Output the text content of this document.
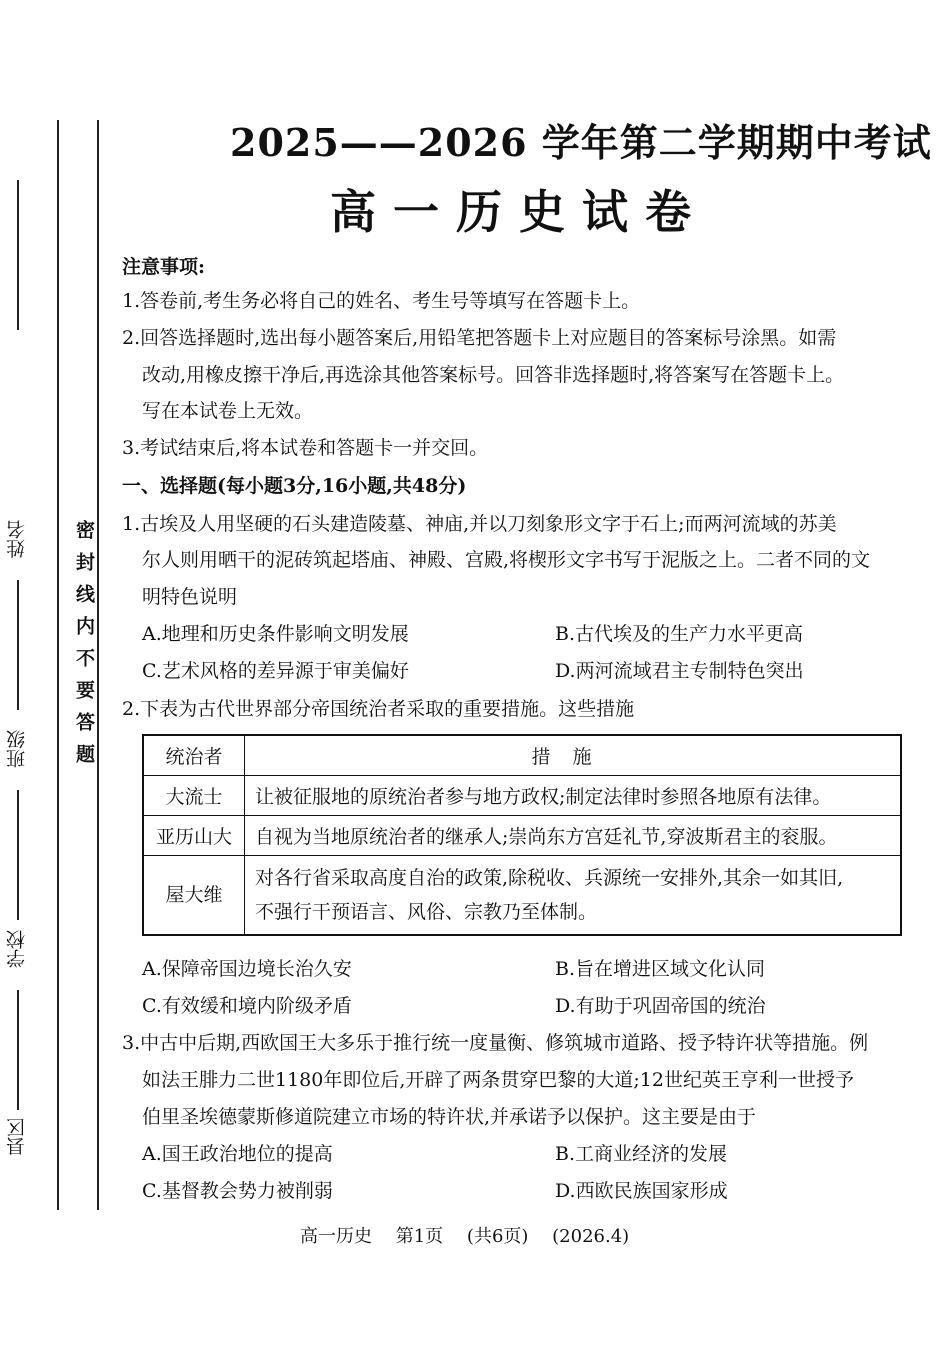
姓名
班级
学校
县区
密封线内不要答题
2025——2026 学年第二学期期中考试
高一历史试卷
注意事项:
1.答卷前,考生务必将自己的姓名、考生号等填写在答题卡上。
2.回答选择题时,选出每小题答案后,用铅笔把答题卡上对应题目的答案标号涂黑。如需
改动,用橡皮擦干净后,再选涂其他答案标号。回答非选择题时,将答案写在答题卡上。
写在本试卷上无效。
3.考试结束后,将本试卷和答题卡一并交回。
一、选择题(每小题3分,16小题,共48分)
1.古埃及人用坚硬的石头建造陵墓、神庙,并以刀刻象形文字于石上;而两河流域的苏美
尔人则用晒干的泥砖筑起塔庙、神殿、宫殿,将楔形文字书写于泥版之上。二者不同的文
明特色说明
A.地理和历史条件影响文明发展	B.古代埃及的生产力水平更高
C.艺术风格的差异源于审美偏好	D.两河流域君主专制特色突出
2.下表为古代世界部分帝国统治者采取的重要措施。这些措施
统治者	措施
大流士	让被征服地的原统治者参与地方政权;制定法律时参照各地原有法律。
亚历山大	自视为当地原统治者的继承人;崇尚东方宫廷礼节,穿波斯君主的衮服。
屋大维	对各行省采取高度自治的政策,除税收、兵源统一安排外,其余一如其旧,
不强行干预语言、风俗、宗教乃至体制。
A.保障帝国边境长治久安	B.旨在增进区域文化认同
C.有效缓和境内阶级矛盾	D.有助于巩固帝国的统治
3.中古中后期,西欧国王大多乐于推行统一度量衡、修筑城市道路、授予特许状等措施。例
如法王腓力二世1180年即位后,开辟了两条贯穿巴黎的大道;12世纪英王亨利一世授予
伯里圣埃德蒙斯修道院建立市场的特许状,并承诺予以保护。这主要是由于
A.国王政治地位的提高	B.工商业经济的发展
C.基督教会势力被削弱	D.西欧民族国家形成
高一历史 第1页 (共6页) (2026.4)
